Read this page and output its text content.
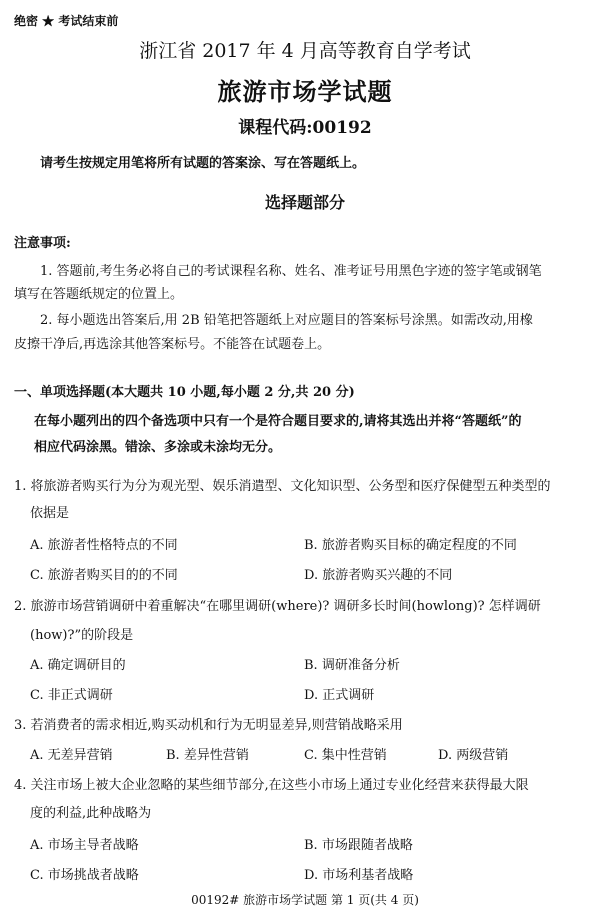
绝密 ★ 考试结束前
浙江省 2017 年 4 月高等教育自学考试
旅游市场学试题
课程代码:00192
请考生按规定用笔将所有试题的答案涂、写在答题纸上。
选择题部分
注意事项:
1. 答题前,考生务必将自己的考试课程名称、姓名、准考证号用黑色字迹的签字笔或钢笔
填写在答题纸规定的位置上。
2. 每小题选出答案后,用 2B 铅笔把答题纸上对应题目的答案标号涂黑。如需改动,用橡
皮擦干净后,再选涂其他答案标号。不能答在试题卷上。
一、单项选择题(本大题共 10 小题,每小题 2 分,共 20 分)
在每小题列出的四个备选项中只有一个是符合题目要求的,请将其选出并将“答题纸”的
相应代码涂黑。错涂、多涂或未涂均无分。
1. 将旅游者购买行为分为观光型、娱乐消遣型、文化知识型、公务型和医疗保健型五种类型的
依据是
A. 旅游者性格特点的不同	B. 旅游者购买目标的确定程度的不同
C. 旅游者购买目的的不同	D. 旅游者购买兴趣的不同
2. 旅游市场营销调研中着重解决“在哪里调研(where)? 调研多长时间(howlong)? 怎样调研
(how)?”的阶段是
A. 确定调研目的	B. 调研准备分析
C. 非正式调研	D. 正式调研
3. 若消费者的需求相近,购买动机和行为无明显差异,则营销战略采用
A. 无差异营销	B. 差异性营销	C. 集中性营销	D. 两级营销
4. 关注市场上被大企业忽略的某些细节部分,在这些小市场上通过专业化经营来获得最大限
度的利益,此种战略为
A. 市场主导者战略	B. 市场跟随者战略
C. 市场挑战者战略	D. 市场利基者战略
00192# 旅游市场学试题 第 1 页(共 4 页)
